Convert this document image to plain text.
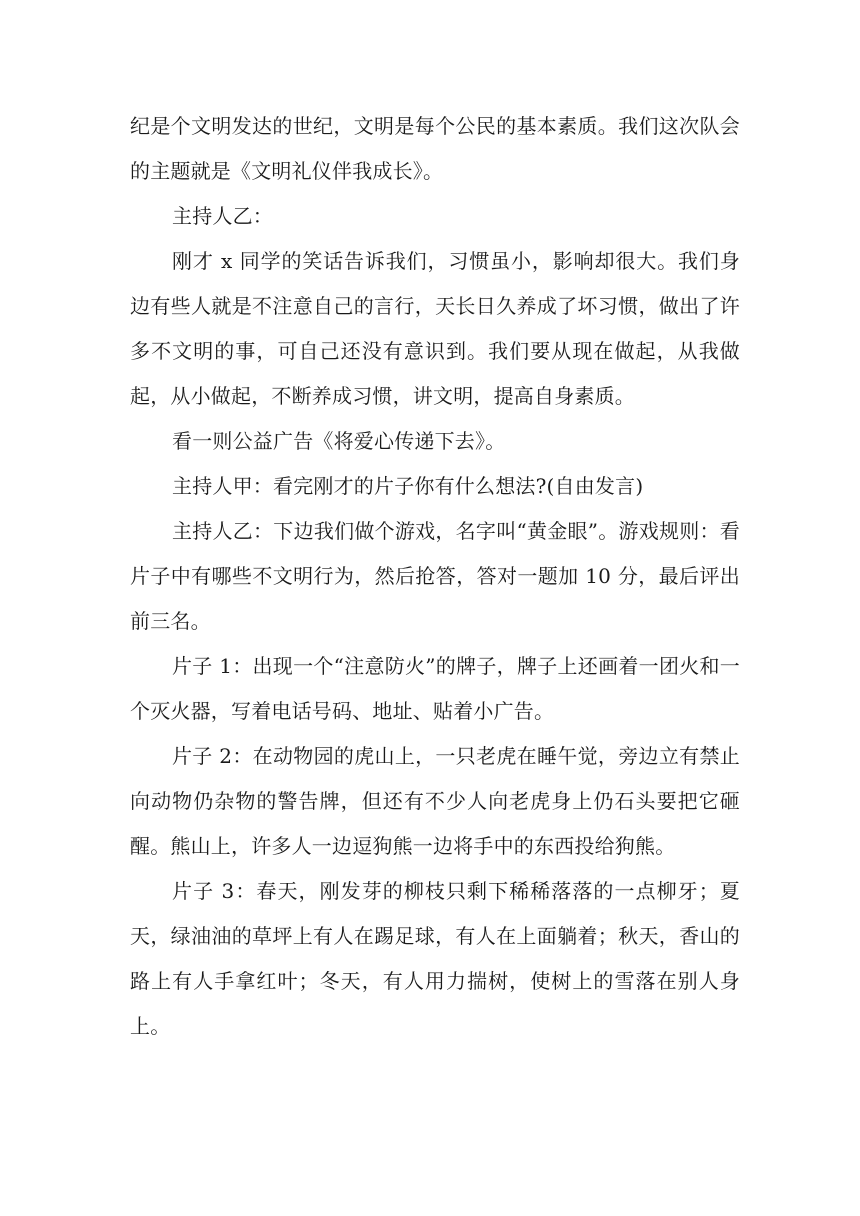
纪是个文明发达的世纪，文明是每个公民的基本素质。我们这次队会的主题就是《文明礼仪伴我成长》。

主持人乙：

刚才 x 同学的笑话告诉我们，习惯虽小，影响却很大。我们身边有些人就是不注意自己的言行，天长日久养成了坏习惯，做出了许多不文明的事，可自己还没有意识到。我们要从现在做起，从我做起，从小做起，不断养成习惯，讲文明，提高自身素质。

看一则公益广告《将爱心传递下去》。

主持人甲：看完刚才的片子你有什么想法?(自由发言)

主持人乙：下边我们做个游戏，名字叫“黄金眼”。游戏规则：看片子中有哪些不文明行为，然后抢答，答对一题加 10 分，最后评出前三名。

片子 1：出现一个“注意防火”的牌子，牌子上还画着一团火和一个灭火器，写着电话号码、地址、贴着小广告。

片子 2：在动物园的虎山上，一只老虎在睡午觉，旁边立有禁止向动物仍杂物的警告牌，但还有不少人向老虎身上仍石头要把它砸醒。熊山上，许多人一边逗狗熊一边将手中的东西投给狗熊。

片子 3：春天，刚发芽的柳枝只剩下稀稀落落的一点柳牙；夏天，绿油油的草坪上有人在踢足球，有人在上面躺着；秋天，香山的路上有人手拿红叶；冬天，有人用力揣树，使树上的雪落在别人身上。
